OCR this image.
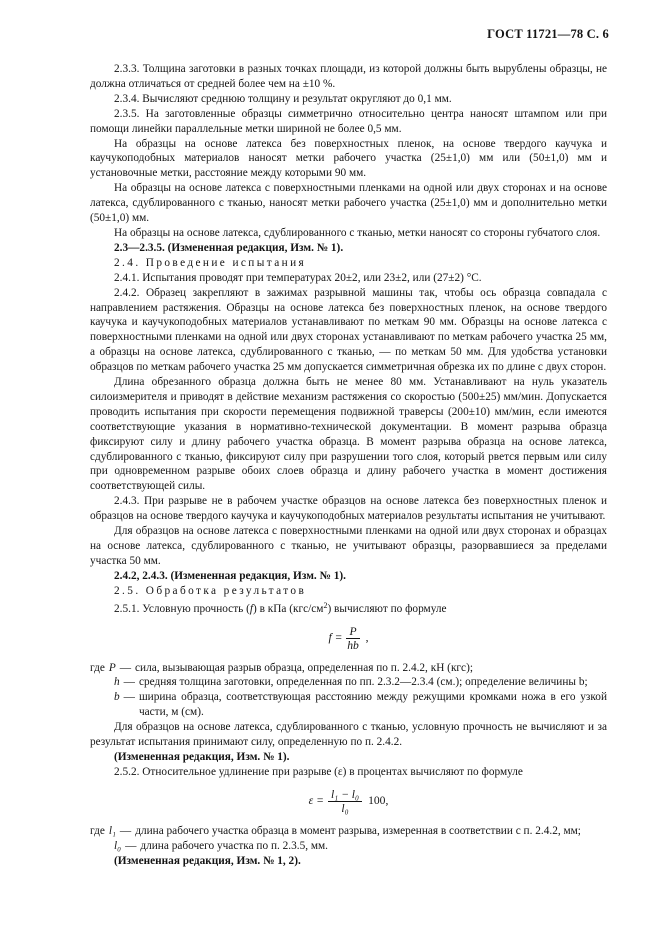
ГОСТ 11721—78 С. 6

2.3.3. Толщина заготовки в разных точках площади, из которой должны быть вырублены образцы, не должна отличаться от средней более чем на ±10 %.

2.3.4. Вычисляют среднюю толщину и результат округляют до 0,1 мм.

2.3.5. На заготовленные образцы симметрично относительно центра наносят штампом или при помощи линейки параллельные метки шириной не более 0,5 мм.

На образцы на основе латекса без поверхностных пленок, на основе твердого каучука и каучукоподобных материалов наносят метки рабочего участка (25±1,0) мм или (50±1,0) мм и установочные метки, расстояние между которыми 90 мм.

На образцы на основе латекса с поверхностными пленками на одной или двух сторонах и на основе латекса, сдублированного с тканью, наносят метки рабочего участка (25±1,0) мм и дополнительно метки (50±1,0) мм.

На образцы на основе латекса, сдублированного с тканью, метки наносят со стороны губчатого слоя.

2.3—2.3.5. (Измененная редакция, Изм. № 1).

2.4. Проведение испытания

2.4.1. Испытания проводят при температурах 20±2, или 23±2, или (27±2) °С.

2.4.2. Образец закрепляют в зажимах разрывной машины так, чтобы ось образца совпадала с направлением растяжения. Образцы на основе латекса без поверхностных пленок, на основе твердого каучука и каучукоподобных материалов устанавливают по меткам 90 мм. Образцы на основе латекса с поверхностными пленками на одной или двух сторонах устанавливают по меткам рабочего участка 25 мм, а образцы на основе латекса, сдублированного с тканью, — по меткам 50 мм. Для удобства установки образцов по меткам рабочего участка 25 мм допускается симметричная обрезка их по длине с двух сторон.

Длина обрезанного образца должна быть не менее 80 мм. Устанавливают на нуль указатель силоизмерителя и приводят в действие механизм растяжения со скоростью (500±25) мм/мин. Допускается проводить испытания при скорости перемещения подвижной траверсы (200±10) мм/мин, если имеются соответствующие указания в нормативно-технической документации. В момент разрыва образца фиксируют силу и длину рабочего участка образца. В момент разрыва образца на основе латекса, сдублированного с тканью, фиксируют силу при разрушении того слоя, который рвется первым или силу при одновременном разрыве обоих слоев образца и длину рабочего участка в момент достижения соответствующей силы.

2.4.3. При разрыве не в рабочем участке образцов на основе латекса без поверхностных пленок и образцов на основе твердого каучука и каучукоподобных материалов результаты испытания не учитывают.

Для образцов на основе латекса с поверхностными пленками на одной или двух сторонах и образцах на основе латекса, сдублированного с тканью, не учитывают образцы, разорвавшиеся за пределами участка 50 мм.

2.4.2, 2.4.3. (Измененная редакция, Изм. № 1).

2.5. Обработка результатов

2.5.1. Условную прочность (f) в кПа $(кгс/см^2)$ вычисляют по формуле

$f = \frac{P}{hb}$ ,
где P — сила, вызывающая разрыв образца, определенная по п. 2.4.2, кН (кгс);
h — средняя толщина заготовки, определенная по пп. 2.3.2—2.3.4 (см.); определение величины b;
b — ширина образца, соответствующая расстоянию между режущими кромками ножа в его узкой части, м (см).

Для образцов на основе латекса, сдублированного с тканью, условную прочность не вычисляют и за результат испытания принимают силу, определенную по п. 2.4.2.

(Измененная редакция, Изм. № 1).

2.5.2. Относительное удлинение при разрыве (ε) в процентах вычисляют по формуле

$\varepsilon = \frac{\text{l₁ − l₀}}{\text{l₀}} 100$,
где l₁ — длина рабочего участка образца в момент разрыва, измеренная в соответствии с п. 2.4.2, мм;
l₀ — длина рабочего участка по п. 2.3.5, мм.

(Измененная редакция, Изм. № 1, 2).
